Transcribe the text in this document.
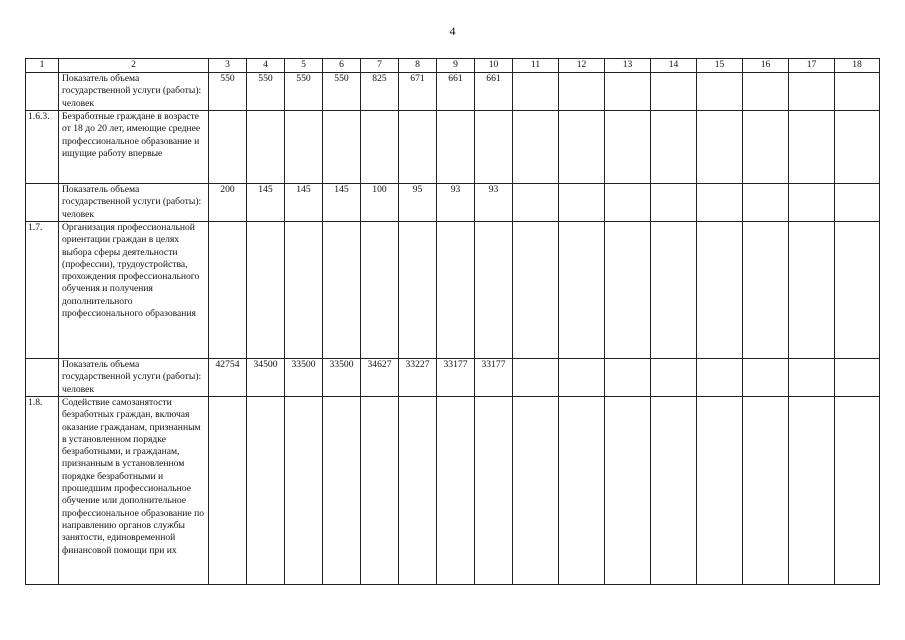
4
1	2	3	4	5	6	7	8	9	10	11	12	13	14	15	16	17	18
	Показатель объема государственной услуги (работы): человек	550	550	550	550	825	671	661	661								
1.6.3.	Безработные граждане в возрасте от 18 до 20 лет, имеющие среднее профессиональное образование и ищущие работу впервые																
	Показатель объема государственной услуги (работы): человек	200	145	145	145	100	95	93	93								
1.7.	Организация профессиональной ориентации граждан в целях выбора сферы деятельности (профессии), трудоустройства, прохождения профессионального обучения и получения дополнительного профессионального образования																
	Показатель объема государственной услуги (работы): человек	42754	34500	33500	33500	34627	33227	33177	33177								
1.8.	Содействие самозанятости безработных граждан, включая оказание гражданам, признанным в установленном порядке безработными, и гражданам, признанным в установленном порядке безработными и прошедшим профессиональное обучение или дополнительное профессиональное образование по направлению органов службы занятости, единовременной финансовой помощи при их																
